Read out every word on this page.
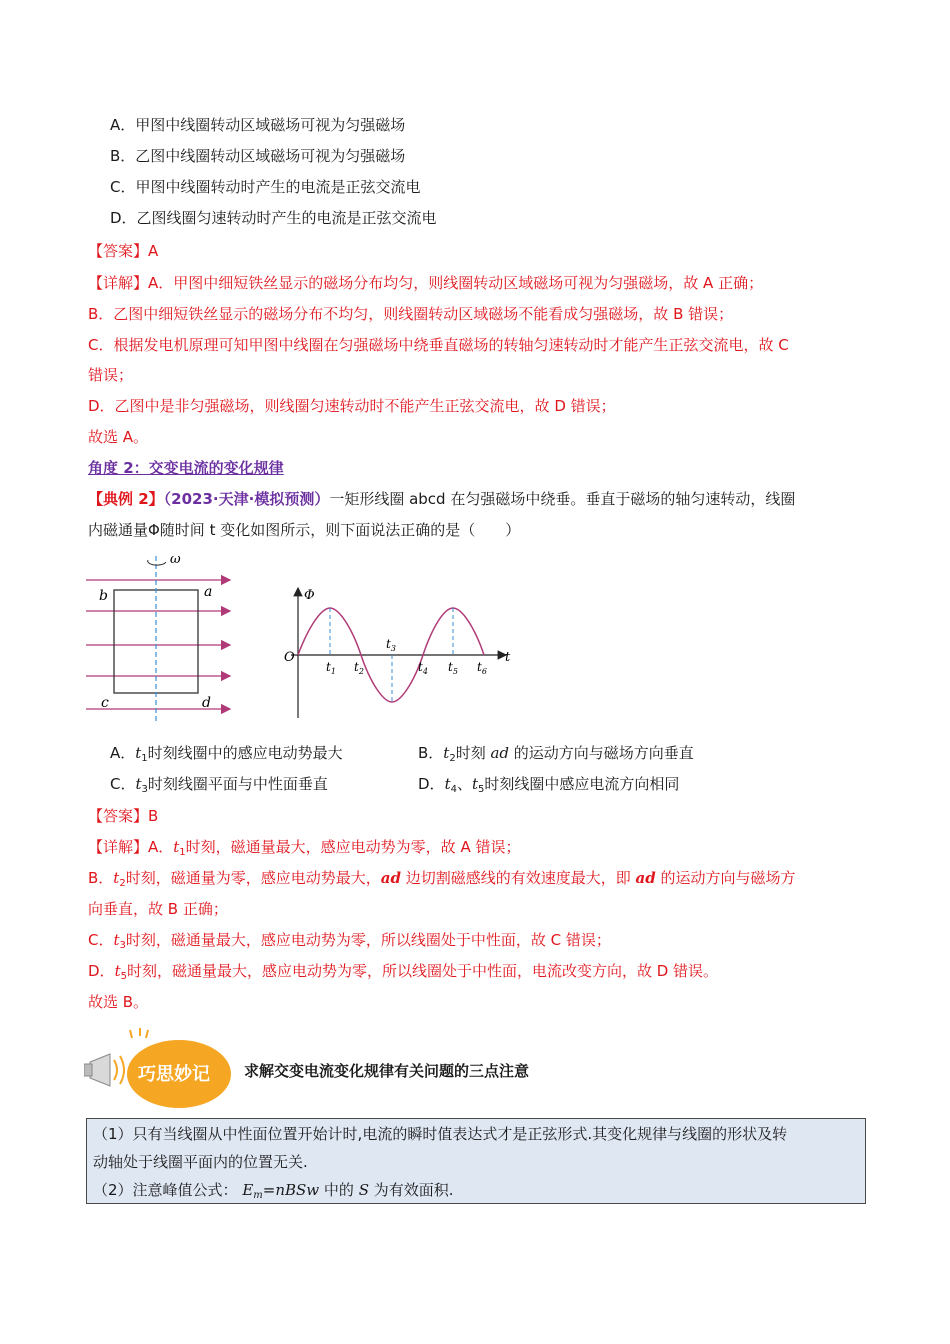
A．甲图中线圈转动区域磁场可视为匀强磁场
B．乙图中线圈转动区域磁场可视为匀强磁场
C．甲图中线圈转动时产生的电流是正弦交流电
D．乙图线圈匀速转动时产生的电流是正弦交流电
【答案】A
【详解】A．甲图中细短铁丝显示的磁场分布均匀，则线圈转动区域磁场可视为匀强磁场，故 A 正确；
B．乙图中细短铁丝显示的磁场分布不均匀，则线圈转动区域磁场不能看成匀强磁场，故 B 错误；
C．根据发电机原理可知甲图中线圈在匀强磁场中绕垂直磁场的转轴匀速转动时才能产生正弦交流电，故 C
错误；
D．乙图中是非匀强磁场，则线圈匀速转动时不能产生正弦交流电，故 D 错误；
故选 A。
角度 2：交变电流的变化规律
【典例 2】（2023·天津·模拟预测）一矩形线圈 abcd 在匀强磁场中绕垂。垂直于磁场的轴匀速转动，线圈
内磁通量Φ随时间 t 变化如图所示，则下面说法正确的是（　　）
ω
b	a
c	d
Φ
O	t
$t_1$ $t_2$
$t_3$
$t_4$ $t_5$ $t_6$
A．$t_1$时刻线圈中的感应电动势最大	B．$t_2$时刻 ad 的运动方向与磁场方向垂直
C．$t_3$时刻线圈平面与中性面垂直	D．$t_4$、$t_5$时刻线圈中感应电流方向相同
【答案】B
【详解】A．$t_1$时刻，磁通量最大，感应电动势为零，故 A 错误；
B．$t_2$时刻，磁通量为零，感应电动势最大，ad 边切割磁感线的有效速度最大，即 ad 的运动方向与磁场方
向垂直，故 B 正确；
C．$t_3$时刻，磁通量最大，感应电动势为零，所以线圈处于中性面，故 C 错误；
D．$t_5$时刻，磁通量最大，感应电动势为零，所以线圈处于中性面，电流改变方向，故 D 错误。
故选 B。
巧思妙记 求解交变电流变化规律有关问题的三点注意
（1）只有当线圈从中性面位置开始计时,电流的瞬时值表达式才是正弦形式.其变化规律与线圈的形状及转
动轴处于线圈平面内的位置无关.
（2）注意峰值公式： $E_m=nBSw$ 中的 S 为有效面积.
